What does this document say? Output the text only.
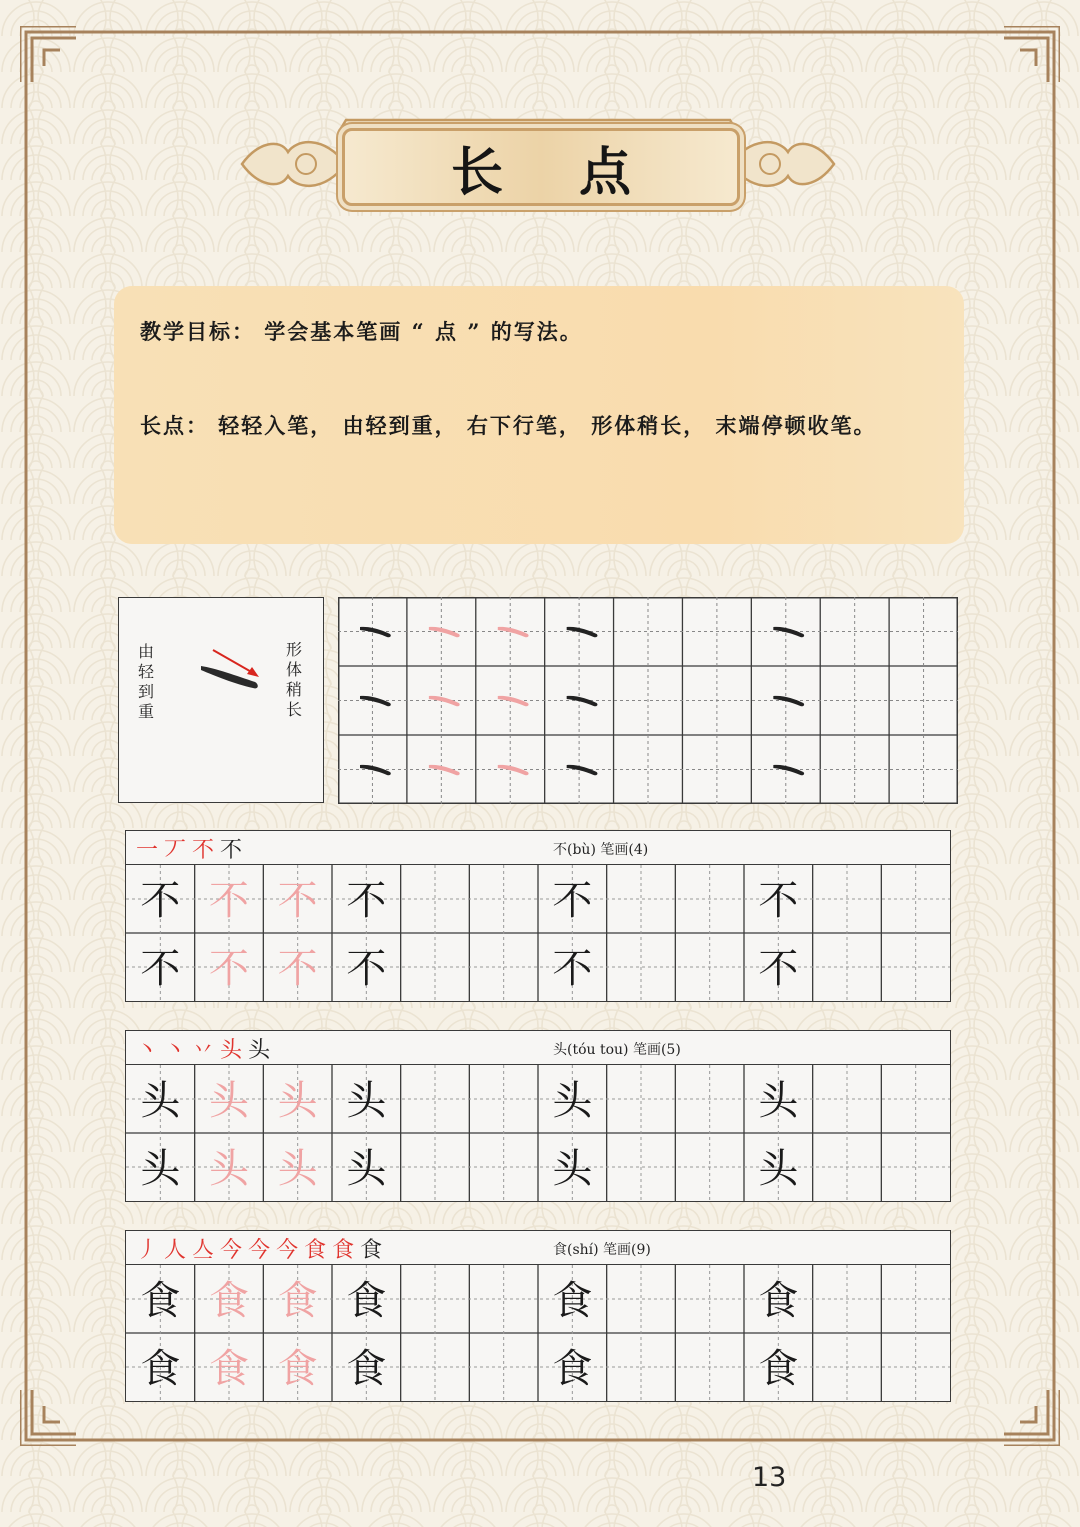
长 点
教学目标： 学会基本笔画 “ 点 ” 的写法。
长点： 轻轻入笔， 由轻到重， 右下行笔， 形体稍长， 末端停顿收笔。
由轻到重
形体稍长
一 丆 不 不	不(bù) 笔画(4)
不 不 不 不	不	不
不 不 不 不	不	不
丶 丶 丷 头 头	头(tóu tou) 笔画(5)
头 头 头 头	头	头
头 头 头 头	头	头
丿 人 亼 今 今 今 食 食 食	食(shí) 笔画(9)
食 食 食 食	食	食
食 食 食 食	食	食
13
